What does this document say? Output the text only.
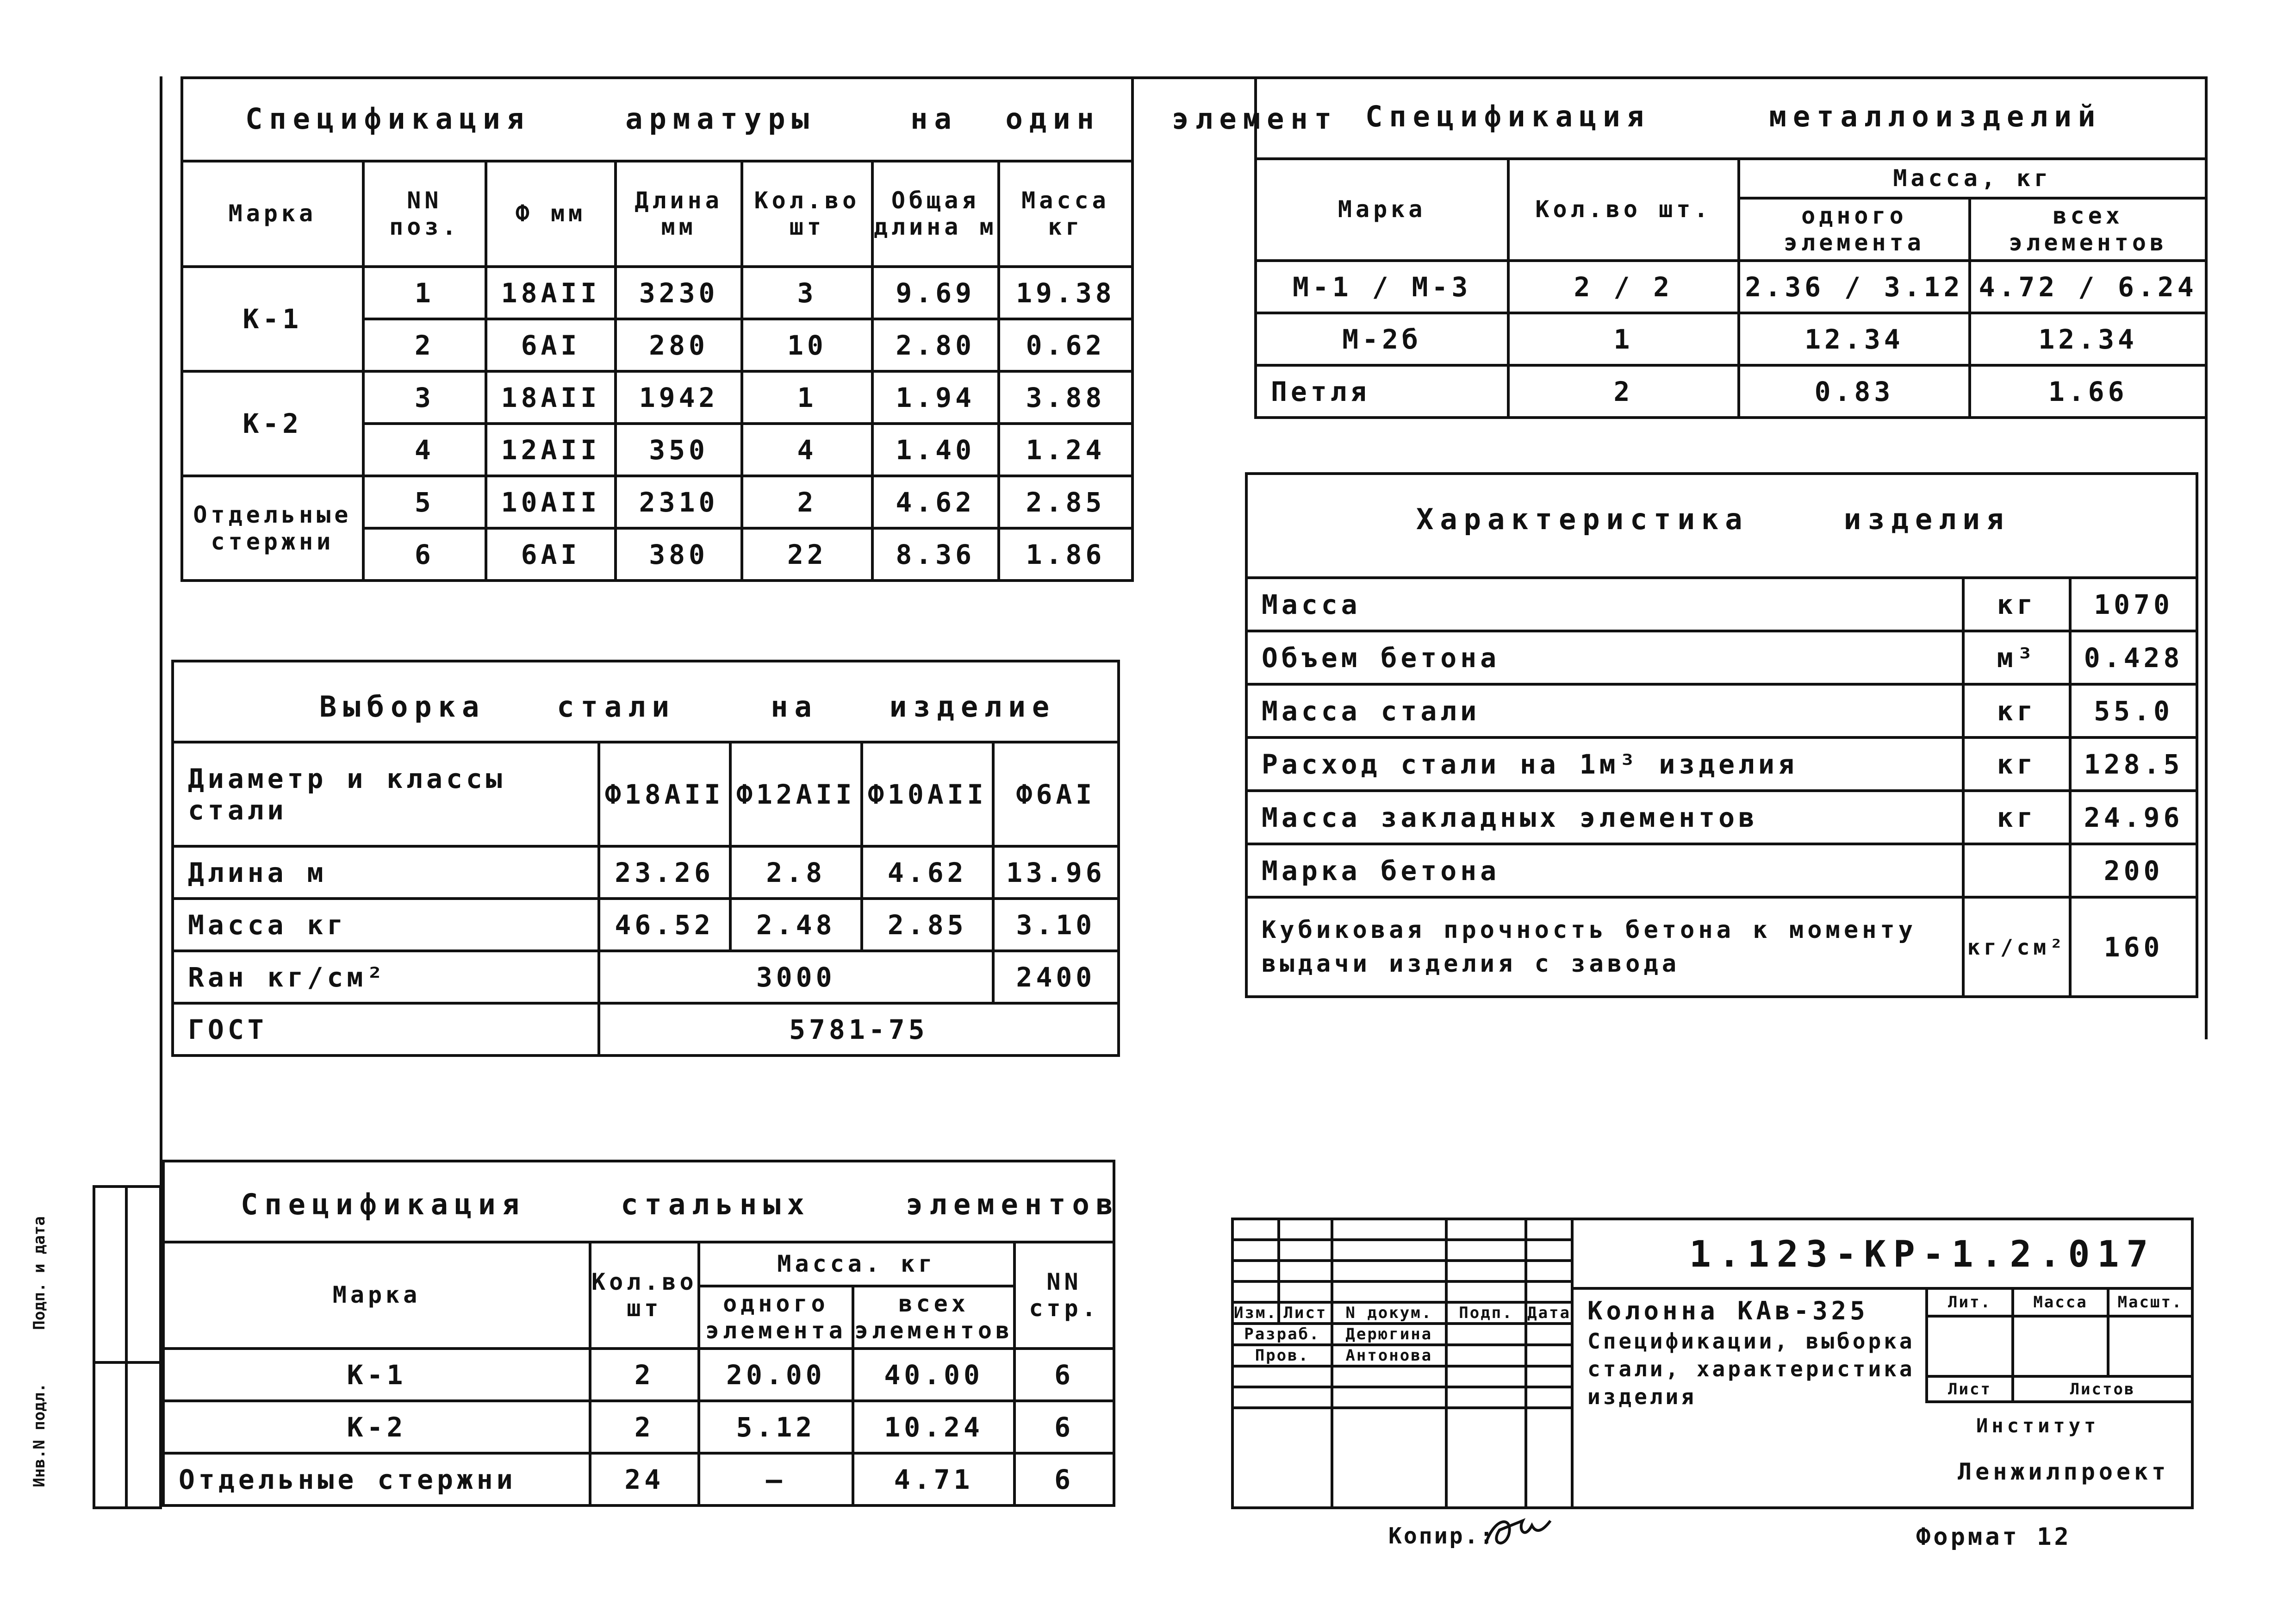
Спецификация    арматуры    на  один   элемент
Марка	NN поз.	Ф мм	Длина мм	Кол.во шт	Общая длина м	Масса кг
К-1	1	18АII	3230	3	9.69	19.38
	2	6АI	280	10	2.80	0.62
К-2	3	18АII	1942	1	1.94	3.88
	4	12АII	350	4	1.40	1.24
Отдельные стержни	5	10АII	2310	2	4.62	2.85
	6	6АI	380	22	8.36	1.86
Выборка   стали    на   изделие
Диаметр и классы стали	Ф18АII	Ф12АII	Ф10АII	Ф6АI
Длина м	23.26	2.8	4.62	13.96
Масса кг	46.52	2.48	2.85	3.10
Raн кг/см²	3000			2400
ГОСТ	5781-75			
Спецификация    стальных    элементов
Марка	Кол.во шт	Масса. кг		NN стр.
		одного элемента	всех элементов	
К-1	2	20.00	40.00	6
К-2	2	5.12	10.24	6
Отдельные стержни	24	—	4.71	6
Инв.N подл.
Подп. и дата
Спецификация     металлоизделий
Марка	Кол.во шт.	Масса, кг	
		одного элемента	всех элементов
М-1 / М-3	2 / 2	2.36 / 3.12	4.72 / 6.24
М-2б	1	12.34	12.34
Петля	2	0.83	1.66
Характеристика    изделия
Масса	кг	1070
Объем бетона	м³	0.428
Масса стали	кг	55.0
Расход стали на 1м³ изделия	кг	128.5
Масса закладных элементов	кг	24.96
Марка бетона		200
Кубиковая прочность бетона к моменту выдачи изделия с завода	кг/см²	160

Изм.	Лист	N докум.	Подп.	Дата
Разраб.		Дерюгина		
Пров.		Антонова		

1.123-КР-1.2.017
Колонна КАв-325
Спецификации, выборка
стали, характеристика
изделия
Лит.	Масса	Масшт.

Лист	Листов	
Институт
Ленжилпроект
Копир.:	Формат 12
